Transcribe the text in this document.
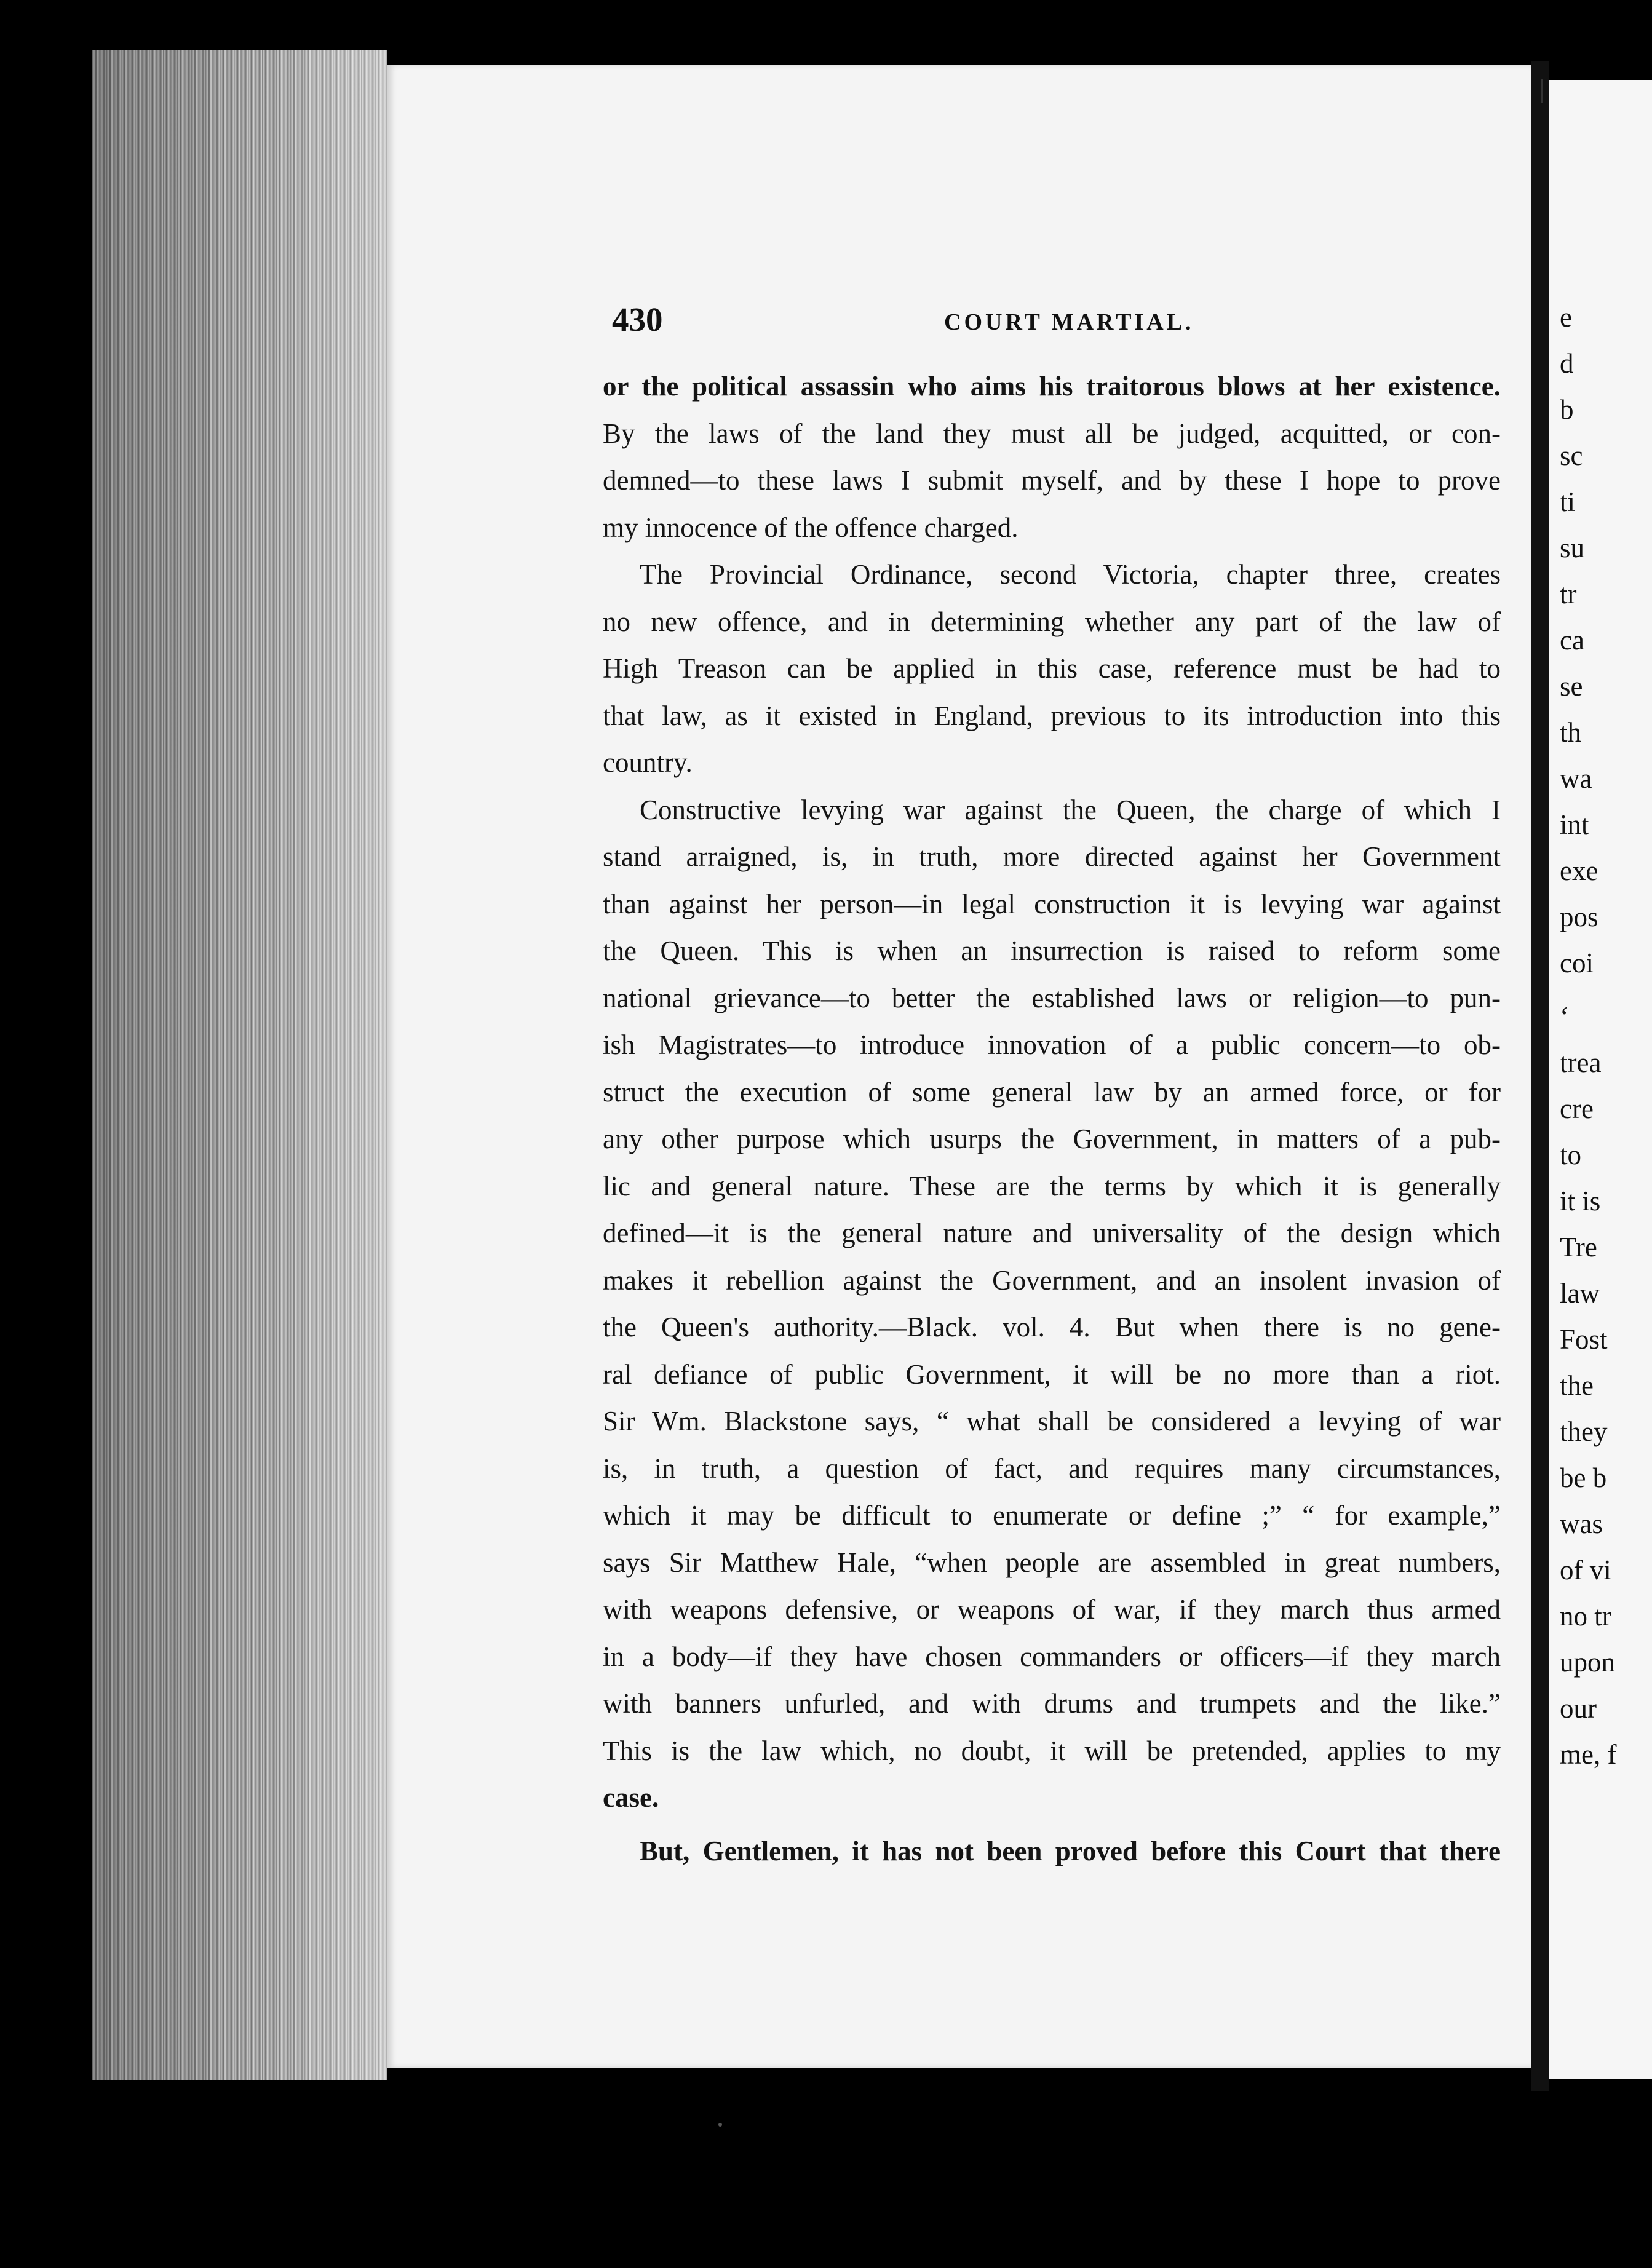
e
d
b
sc
ti
su
tr
ca
se
th
wa
int
exe
pos
coi
‘
trea
cre
to
it is
Tre
law
Fost
the
they
be b
was
of vi
no tr
upon
our
me, f
430	COURT MARTIAL.

or the political assassin who aims his traitorous blows at her existence.
By the laws of the land they must all be judged, acquitted, or con-
demned—to these laws I submit myself, and by these I hope to prove
my innocence of the offence charged.

The Provincial Ordinance, second Victoria, chapter three, creates
no new offence, and in determining whether any part of the law of
High Treason can be applied in this case, reference must be had to
that law, as it existed in England, previous to its introduction into this
country.

Constructive levying war against the Queen, the charge of which I
stand arraigned, is, in truth, more directed against her Government
than against her person—in legal construction it is levying war against
the Queen. This is when an insurrection is raised to reform some
national grievance—to better the established laws or religion—to pun-
ish Magistrates—to introduce innovation of a public concern—to ob-
struct the execution of some general law by an armed force, or for
any other purpose which usurps the Government, in matters of a pub-
lic and general nature. These are the terms by which it is generally
defined—it is the general nature and universality of the design which
makes it rebellion against the Government, and an insolent invasion of
the Queen's authority.—Black. vol. 4. But when there is no gene-
ral defiance of public Government, it will be no more than a riot.
Sir Wm. Blackstone says, “ what shall be considered a levying of war
is, in truth, a question of fact, and requires many circumstances,
which it may be difficult to enumerate or define ;” “ for example,”
says Sir Matthew Hale, “when people are assembled in great numbers,
with weapons defensive, or weapons of war, if they march thus armed
in a body—if they have chosen commanders or officers—if they march
with banners unfurled, and with drums and trumpets and the like.”
This is the law which, no doubt, it will be pretended, applies to my
case.

But, Gentlemen, it has not been proved before this Court that there
